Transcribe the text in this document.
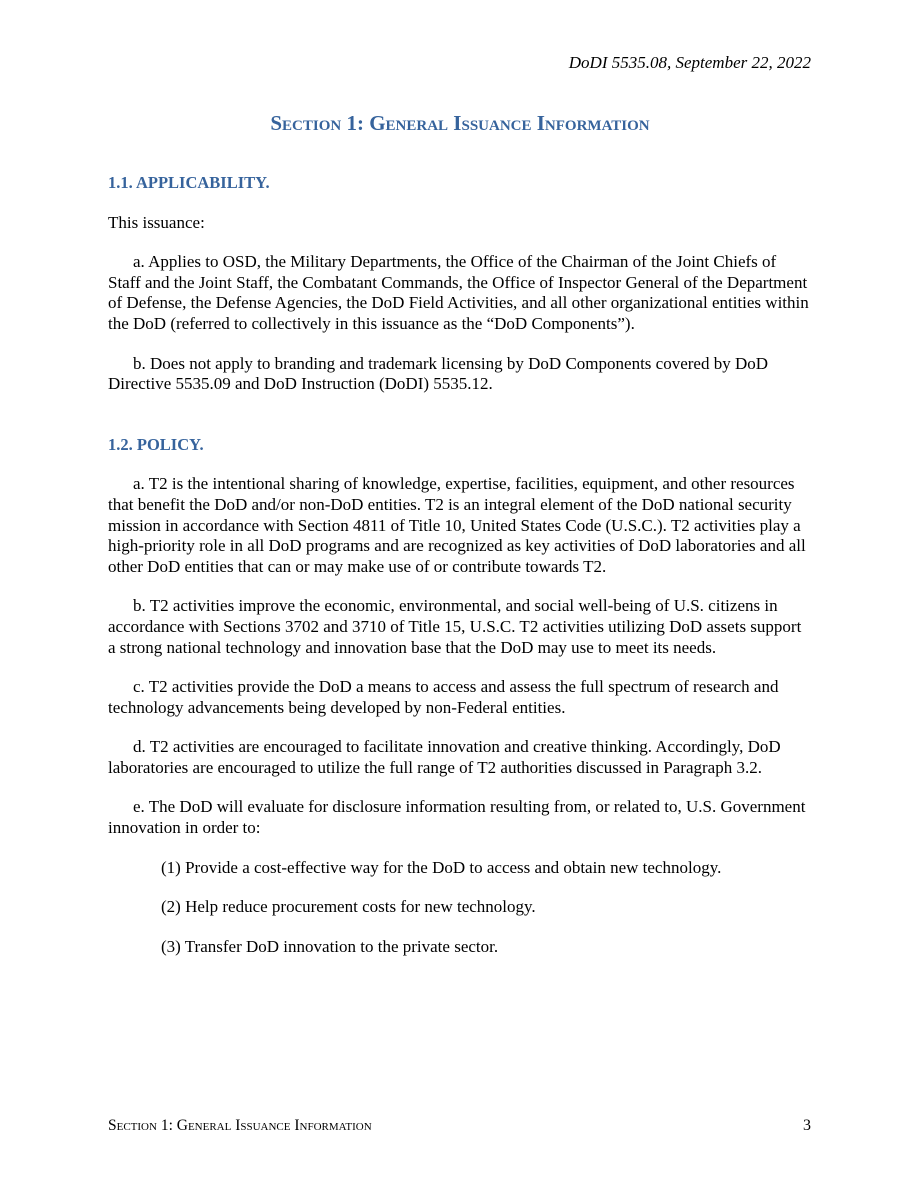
DoDI 5535.08, September 22, 2022
Section 1: General Issuance Information

1.1. APPLICABILITY.

This issuance:

a. Applies to OSD, the Military Departments, the Office of the Chairman of the Joint Chiefs of Staff and the Joint Staff, the Combatant Commands, the Office of Inspector General of the Department of Defense, the Defense Agencies, the DoD Field Activities, and all other organizational entities within the DoD (referred to collectively in this issuance as the “DoD Components”).

b. Does not apply to branding and trademark licensing by DoD Components covered by DoD Directive 5535.09 and DoD Instruction (DoDI) 5535.12.

1.2. POLICY.

a. T2 is the intentional sharing of knowledge, expertise, facilities, equipment, and other resources that benefit the DoD and/or non-DoD entities. T2 is an integral element of the DoD national security mission in accordance with Section 4811 of Title 10, United States Code (U.S.C.). T2 activities play a high-priority role in all DoD programs and are recognized as key activities of DoD laboratories and all other DoD entities that can or may make use of or contribute towards T2.

b. T2 activities improve the economic, environmental, and social well-being of U.S. citizens in accordance with Sections 3702 and 3710 of Title 15, U.S.C. T2 activities utilizing DoD assets support a strong national technology and innovation base that the DoD may use to meet its needs.

c. T2 activities provide the DoD a means to access and assess the full spectrum of research and technology advancements being developed by non-Federal entities.

d. T2 activities are encouraged to facilitate innovation and creative thinking. Accordingly, DoD laboratories are encouraged to utilize the full range of T2 authorities discussed in Paragraph 3.2.

e. The DoD will evaluate for disclosure information resulting from, or related to, U.S. Government innovation in order to:

(1) Provide a cost-effective way for the DoD to access and obtain new technology.

(2) Help reduce procurement costs for new technology.

(3) Transfer DoD innovation to the private sector.

Section 1: General Issuance Information	3
